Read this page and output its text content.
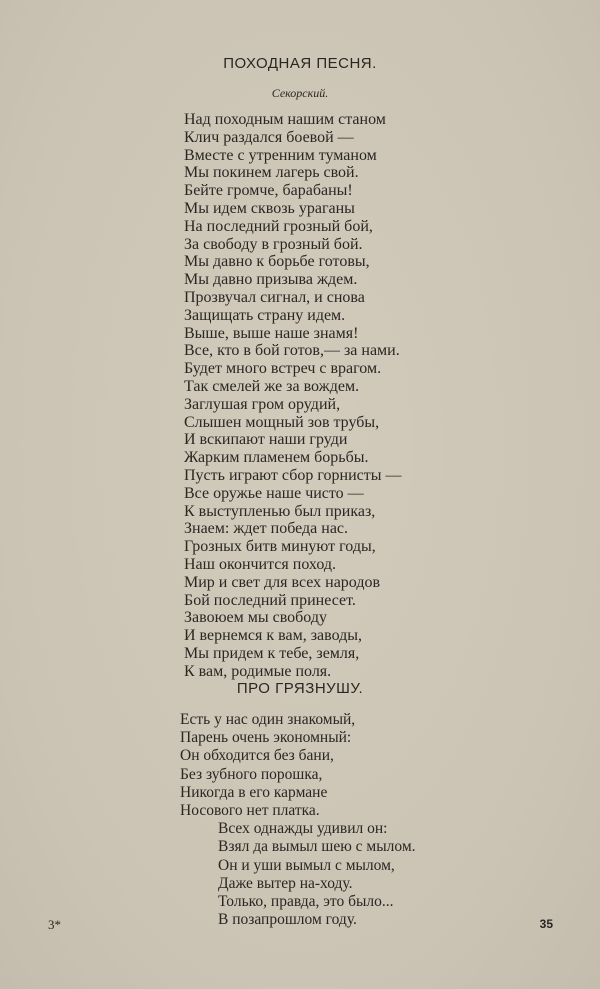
ПОХОДНАЯ ПЕСНЯ.
Секорский.
Над походным нашим станом
Клич раздался боевой —
Вместе с утренним туманом
Мы покинем лагерь свой.
Бейте громче, барабаны!
Мы идем сквозь ураганы
На последний грозный бой,
За свободу в грозный бой.
Мы давно к борьбе готовы,
Мы давно призыва ждем.
Прозвучал сигнал, и снова
Защищать страну идем.
Выше, выше наше знамя!
Все, кто в бой готов,— за нами.
Будет много встреч с врагом.
Так смелей же за вождем.
Заглушая гром орудий,
Слышен мощный зов трубы,
И вскипают наши груди
Жарким пламенем борьбы.
Пусть играют сбор горнисты —
Все оружье наше чисто —
К выступленью был приказ,
Знаем: ждет победа нас.
Грозных битв минуют годы,
Наш окончится поход.
Мир и свет для всех народов
Бой последний принесет.
Завоюем мы свободу
И вернемся к вам, заводы,
Мы придем к тебе, земля,
К вам, родимые поля.
ПРО ГРЯЗНУШУ.
Есть у нас один знакомый,
Парень очень экономный:
Он обходится без бани,
Без зубного порошка,
Никогда в его кармане
Носового нет платка.
Всех однажды удивил он:
Взял да вымыл шею с мылом.
Он и уши вымыл с мылом,
Даже вытер на-ходу.
Только, правда, это было...
В позапрошлом году.
3*	35
